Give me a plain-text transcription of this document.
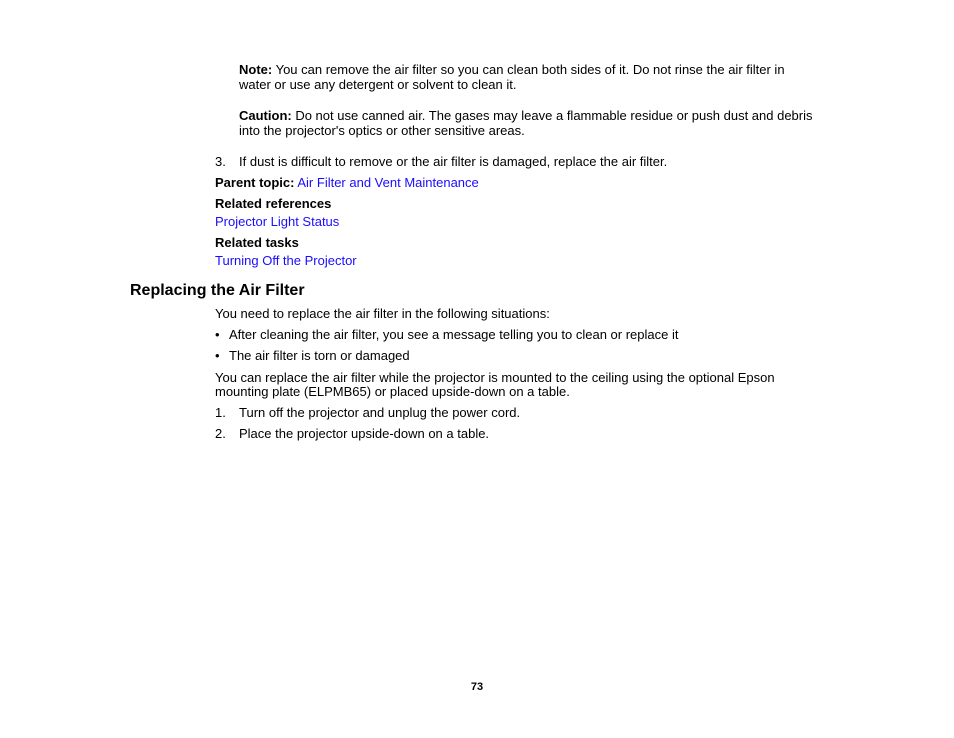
Note: You can remove the air filter so you can clean both sides of it. Do not rinse the air filter in
water or use any detergent or solvent to clean it.
Caution: Do not use canned air. The gases may leave a flammable residue or push dust and debris
into the projector's optics or other sensitive areas.
3. If dust is difficult to remove or the air filter is damaged, replace the air filter.
Parent topic: Air Filter and Vent Maintenance
Related references
Projector Light Status
Related tasks
Turning Off the Projector
Replacing the Air Filter
You need to replace the air filter in the following situations:
• After cleaning the air filter, you see a message telling you to clean or replace it
• The air filter is torn or damaged
You can replace the air filter while the projector is mounted to the ceiling using the optional Epson
mounting plate (ELPMB65) or placed upside-down on a table.
1. Turn off the projector and unplug the power cord.
2. Place the projector upside-down on a table.
73
